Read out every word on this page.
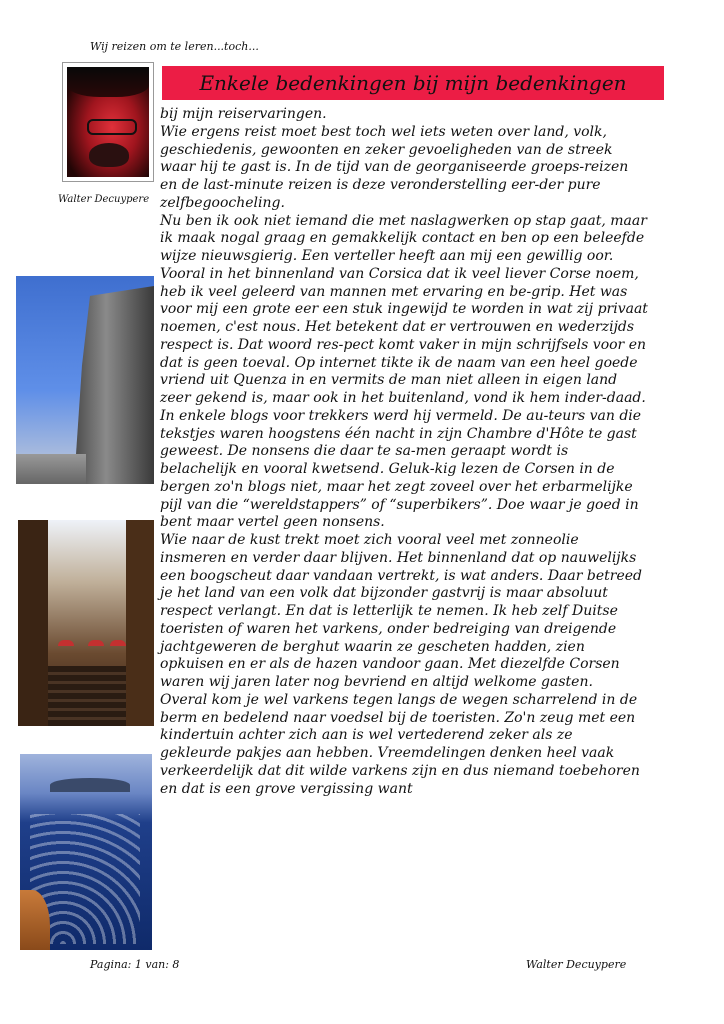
Wij reizen om te leren...toch...
Walter Decuypere
Enkele bedenkingen bij mijn bedenkingen
bij mijn reiservaringen.
Wie ergens reist moet best toch wel iets weten over land, volk, geschiedenis, gewoonten en zeker gevoeligheden van de streek waar hij te gast is. In de tijd van de georganiseerde groeps-reizen en de last-minute reizen is deze veronderstelling eer-der pure zelfbegoocheling.
Nu ben ik ook niet iemand die met naslagwerken op stap gaat, maar ik maak nogal graag en gemakkelijk contact en ben op een beleefde wijze nieuwsgierig. Een verteller heeft aan mij een gewillig oor.
Vooral in het binnenland van Corsica dat ik veel liever Corse noem, heb ik veel geleerd van mannen met ervaring en be-grip. Het was voor mij een grote eer een stuk ingewijd te worden in wat zij privaat noemen, c'est nous. Het betekent dat er vertrouwen en wederzijds respect is. Dat woord res-pect komt vaker in mijn schrijfsels voor en dat is geen toeval. Op internet tikte ik de naam van een heel goede vriend uit Quenza in en vermits de man niet alleen in eigen land zeer gekend is, maar ook in het buitenland, vond ik hem inder-daad. In enkele blogs voor trekkers werd hij vermeld. De au-teurs van die tekstjes waren hoogstens één nacht in zijn Chambre d'Hôte te gast geweest. De nonsens die daar te sa-men geraapt wordt is belachelijk en vooral kwetsend. Geluk-kig lezen de Corsen in de bergen zo'n blogs niet, maar het zegt zoveel over het erbarmelijke pijl van die “wereldstappers” of “superbikers”. Doe waar je goed in bent maar vertel geen nonsens.
Wie naar de kust trekt moet zich vooral veel met zonneolie insmeren en verder daar blijven. Het binnenland dat op nauwelijks een boogscheut daar vandaan vertrekt, is wat anders. Daar betreed je het land van een volk dat bijzonder gastvrij is maar absoluut respect verlangt. En dat is letterlijk te nemen. Ik heb zelf Duitse toeristen of waren het varkens, onder bedreiging van dreigende jachtgeweren de berghut waarin ze gescheten hadden, zien opkuisen en er als de hazen vandoor gaan. Met diezelfde Corsen waren wij jaren later nog bevriend en altijd welkome gasten.
Overal kom je wel varkens tegen langs de wegen scharrelend in de berm en bedelend naar voedsel bij de toeristen. Zo'n zeug met een kindertuin achter zich aan is wel vertederend zeker als ze gekleurde pakjes aan hebben. Vreemdelingen denken heel vaak verkeerdelijk dat dit wilde varkens zijn en dus niemand toebehoren en dat is een grove vergissing want
Pagina: 1 van: 8	Walter Decuypere
